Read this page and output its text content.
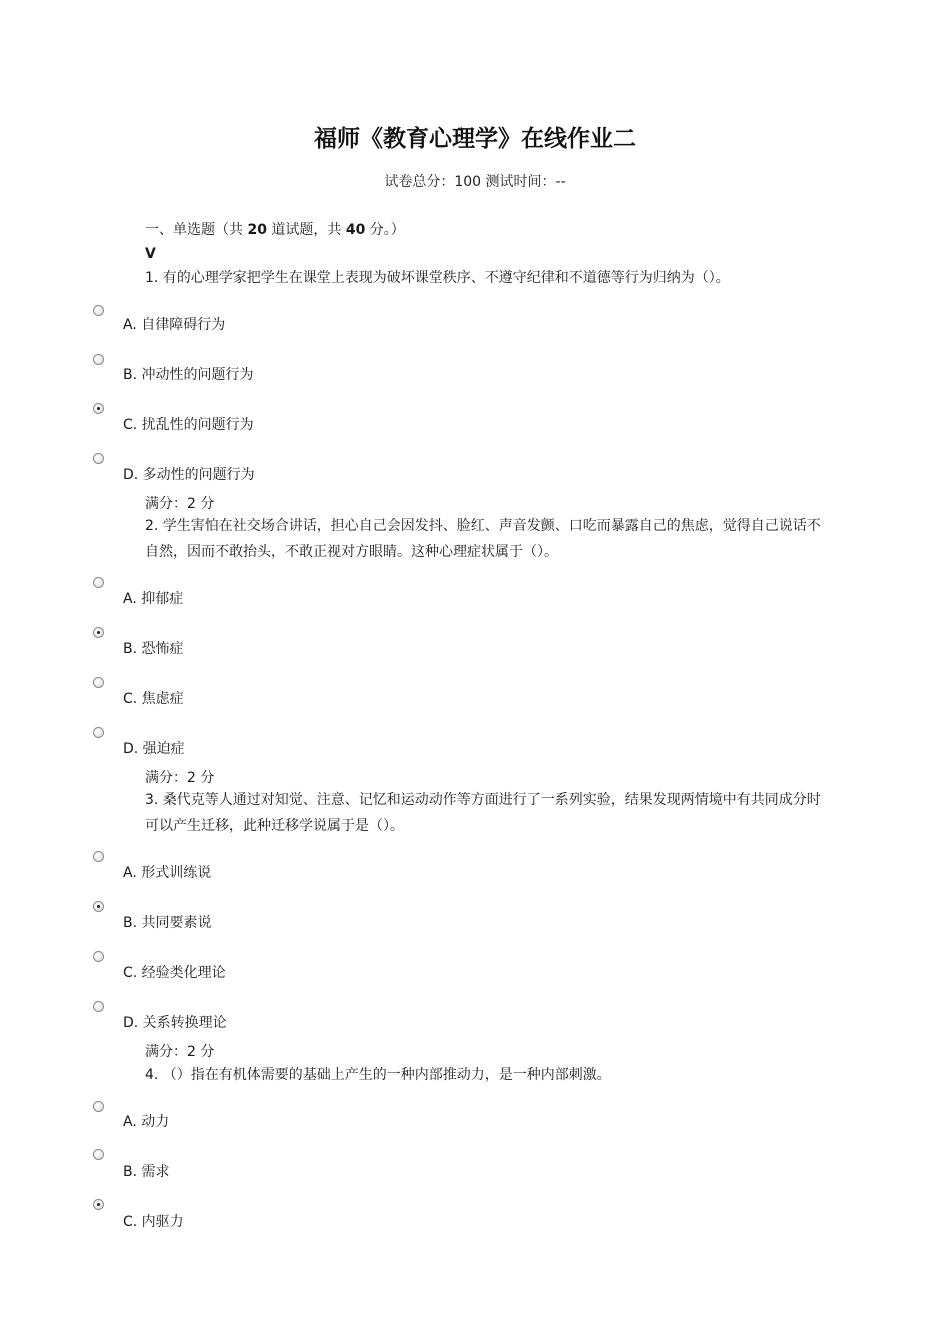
福师《教育心理学》在线作业二
试卷总分：100 测试时间：--
一、单选题（共 20 道试题，共 40 分。）
V
1. 有的心理学家把学生在课堂上表现为破坏课堂秩序、不遵守纪律和不道德等行为归纳为（）。
A. 自律障碍行为
B. 冲动性的问题行为
C. 扰乱性的问题行为
D. 多动性的问题行为
满分：2 分
2. 学生害怕在社交场合讲话，担心自己会因发抖、脸红、声音发颤、口吃而暴露自己的焦虑，觉得自己说话不自然，因而不敢抬头，不敢正视对方眼睛。这种心理症状属于（）。
A. 抑郁症
B. 恐怖症
C. 焦虑症
D. 强迫症
满分：2 分
3. 桑代克等人通过对知觉、注意、记忆和运动动作等方面进行了一系列实验，结果发现两情境中有共同成分时可以产生迁移，此种迁移学说属于是（）。
A. 形式训练说
B. 共同要素说
C. 经验类化理论
D. 关系转换理论
满分：2 分
4. （）指在有机体需要的基础上产生的一种内部推动力，是一种内部刺激。
A. 动力
B. 需求
C. 内驱力
